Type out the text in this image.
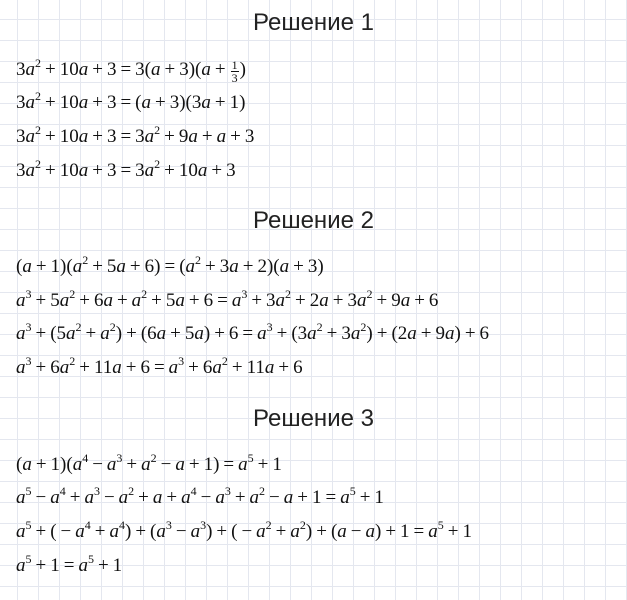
Решение 1
$3a^2 + 10a + 3 = 3(a + 3)(a + \frac{1}{3}$ )
$3a^2 + 10a + 3 = (a + 3)(3a + 1)$
$3a^2 + 10a + 3 = 3a^2 + 9a + a + 3$
$3a^2 + 10a + 3 = 3a^2 + 10a + 3$
Решение 2
$(a + 1)(a^2 + 5a + 6) = (a^2 + 3a + 2)(a + 3)$
$a^3 + 5a^2 + 6a + a^2 + 5a + 6 = a^3 + 3a^2 + 2a + 3a^2 + 9a + 6$
$a^3 + (5a^2 + a^2) + (6a + 5a) + 6 = a^3 + (3a^2 + 3a^2) + (2a + 9a) + 6$
$a^3 + 6a^2 + 11a + 6 = a^3 + 6a^2 + 11a + 6$
Решение 3
$(a + 1)(a^4 - a^3 + a^2 - a + 1) = a^5 + 1$
$a^5 - a^4 + a^3 - a^2 + a + a^4 - a^3 + a^2 - a + 1 = a^5 + 1$
$a^5$ + ( − $a^4 + a^4) + (a^3 - a^3)$ + ( − $a^2 + a^2) + (a - a) + 1 = a^5 + 1$
$a^5 + 1 = a^5 + 1$
